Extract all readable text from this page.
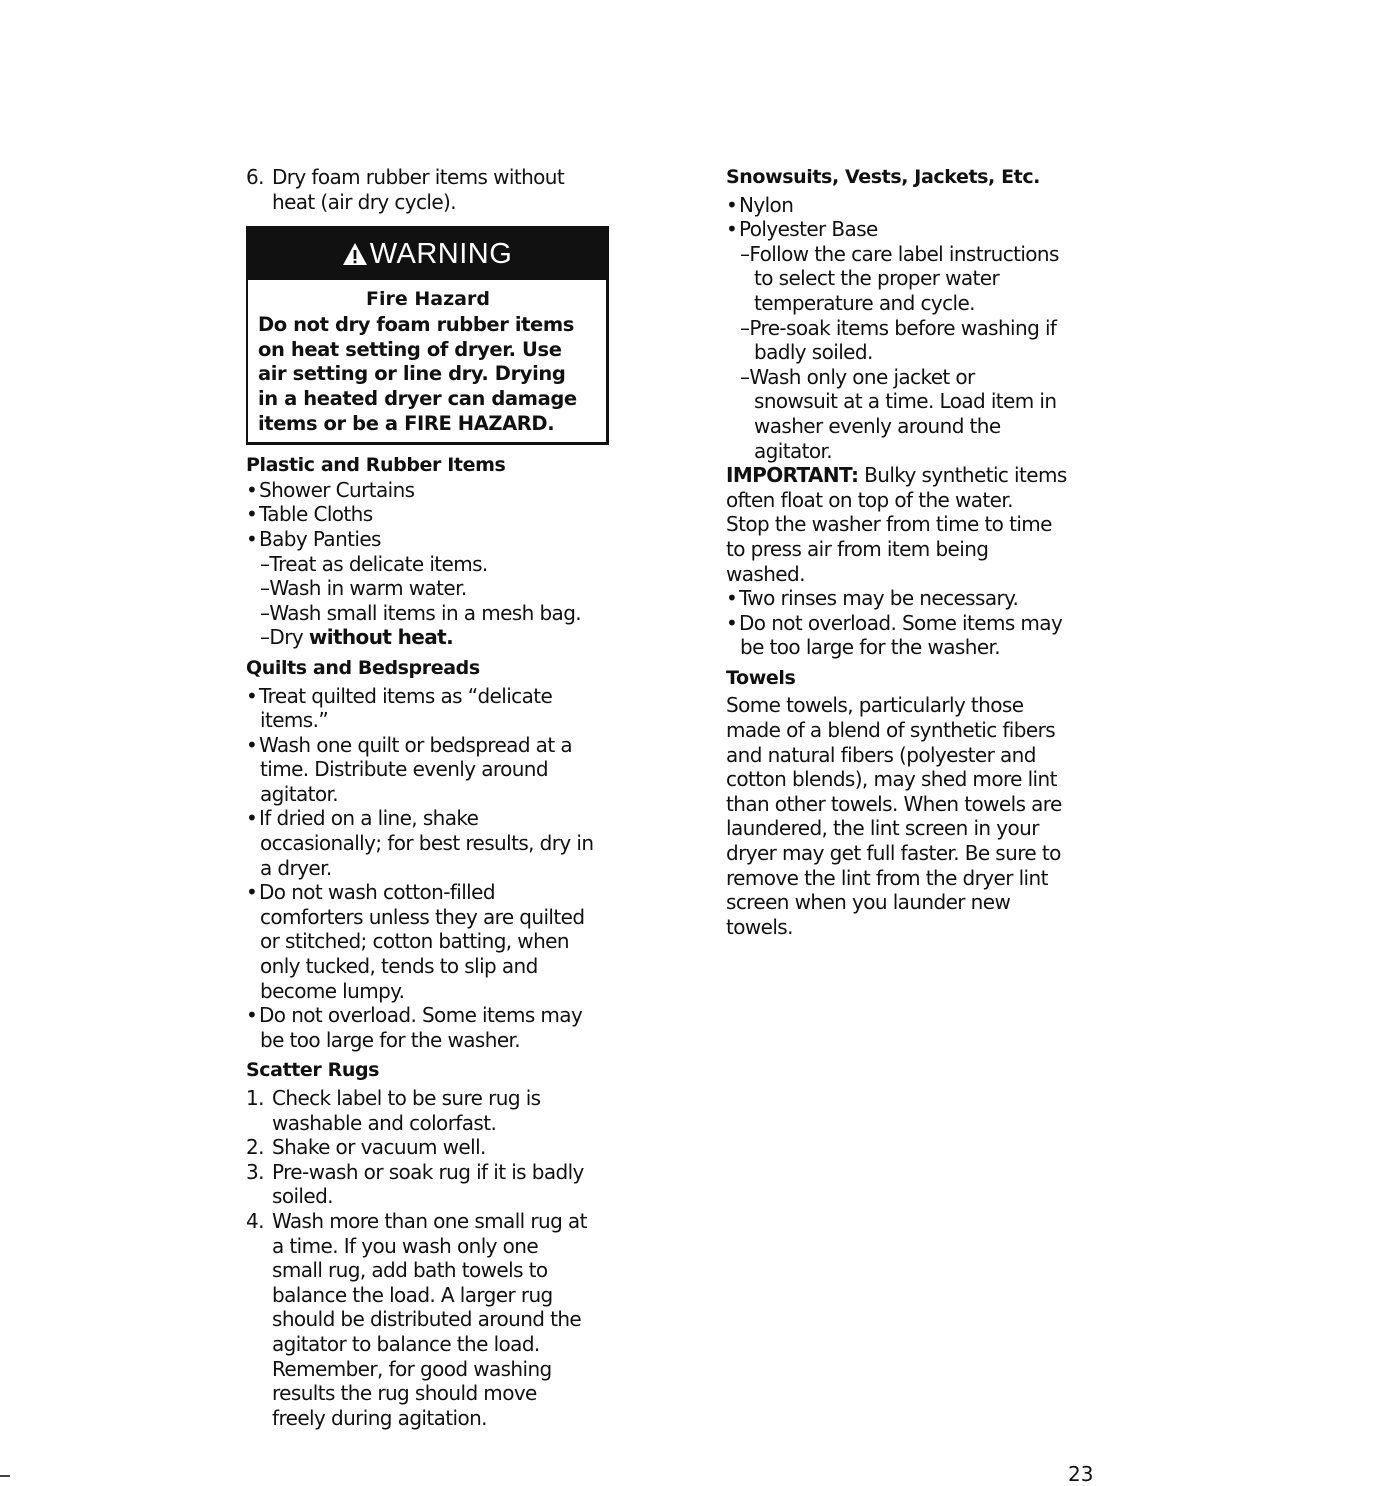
6. Dry foam rubber items without
heat (air dry cycle).
WARNING
Fire Hazard
Do not dry foam rubber items
on heat setting of dryer. Use
air setting or line dry. Drying
in a heated dryer can damage
items or be a FIRE HAZARD.
Plastic and Rubber Items
•Shower Curtains
•Table Cloths
•Baby Panties
–Treat as delicate items.
–Wash in warm water.
–Wash small items in a mesh bag.
–Dry without heat.
Quilts and Bedspreads
•Treat quilted items as “delicate
items.”
•Wash one quilt or bedspread at a
time. Distribute evenly around
agitator.
•If dried on a line, shake
occasionally; for best results, dry in
a dryer.
•Do not wash cotton-filled
comforters unless they are quilted
or stitched; cotton batting, when
only tucked, tends to slip and
become lumpy.
•Do not overload. Some items may
be too large for the washer.
Scatter Rugs
1. Check label to be sure rug is
washable and colorfast.
2. Shake or vacuum well.
3. Pre-wash or soak rug if it is badly
soiled.
4. Wash more than one small rug at
a time. If you wash only one
small rug, add bath towels to
balance the load. A larger rug
should be distributed around the
agitator to balance the load.
Remember, for good washing
results the rug should move
freely during agitation.
Snowsuits, Vests, Jackets, Etc.
•Nylon
•Polyester Base
–Follow the care label instructions
to select the proper water
temperature and cycle.
–Pre-soak items before washing if
badly soiled.
–Wash only one jacket or
snowsuit at a time. Load item in
washer evenly around the
agitator.
IMPORTANT: Bulky synthetic items
often float on top of the water.
Stop the washer from time to time
to press air from item being
washed.
•Two rinses may be necessary.
•Do not overload. Some items may
be too large for the washer.
Towels
Some towels, particularly those
made of a blend of synthetic fibers
and natural fibers (polyester and
cotton blends), may shed more lint
than other towels. When towels are
laundered, the lint screen in your
dryer may get full faster. Be sure to
remove the lint from the dryer lint
screen when you launder new
towels.
23
